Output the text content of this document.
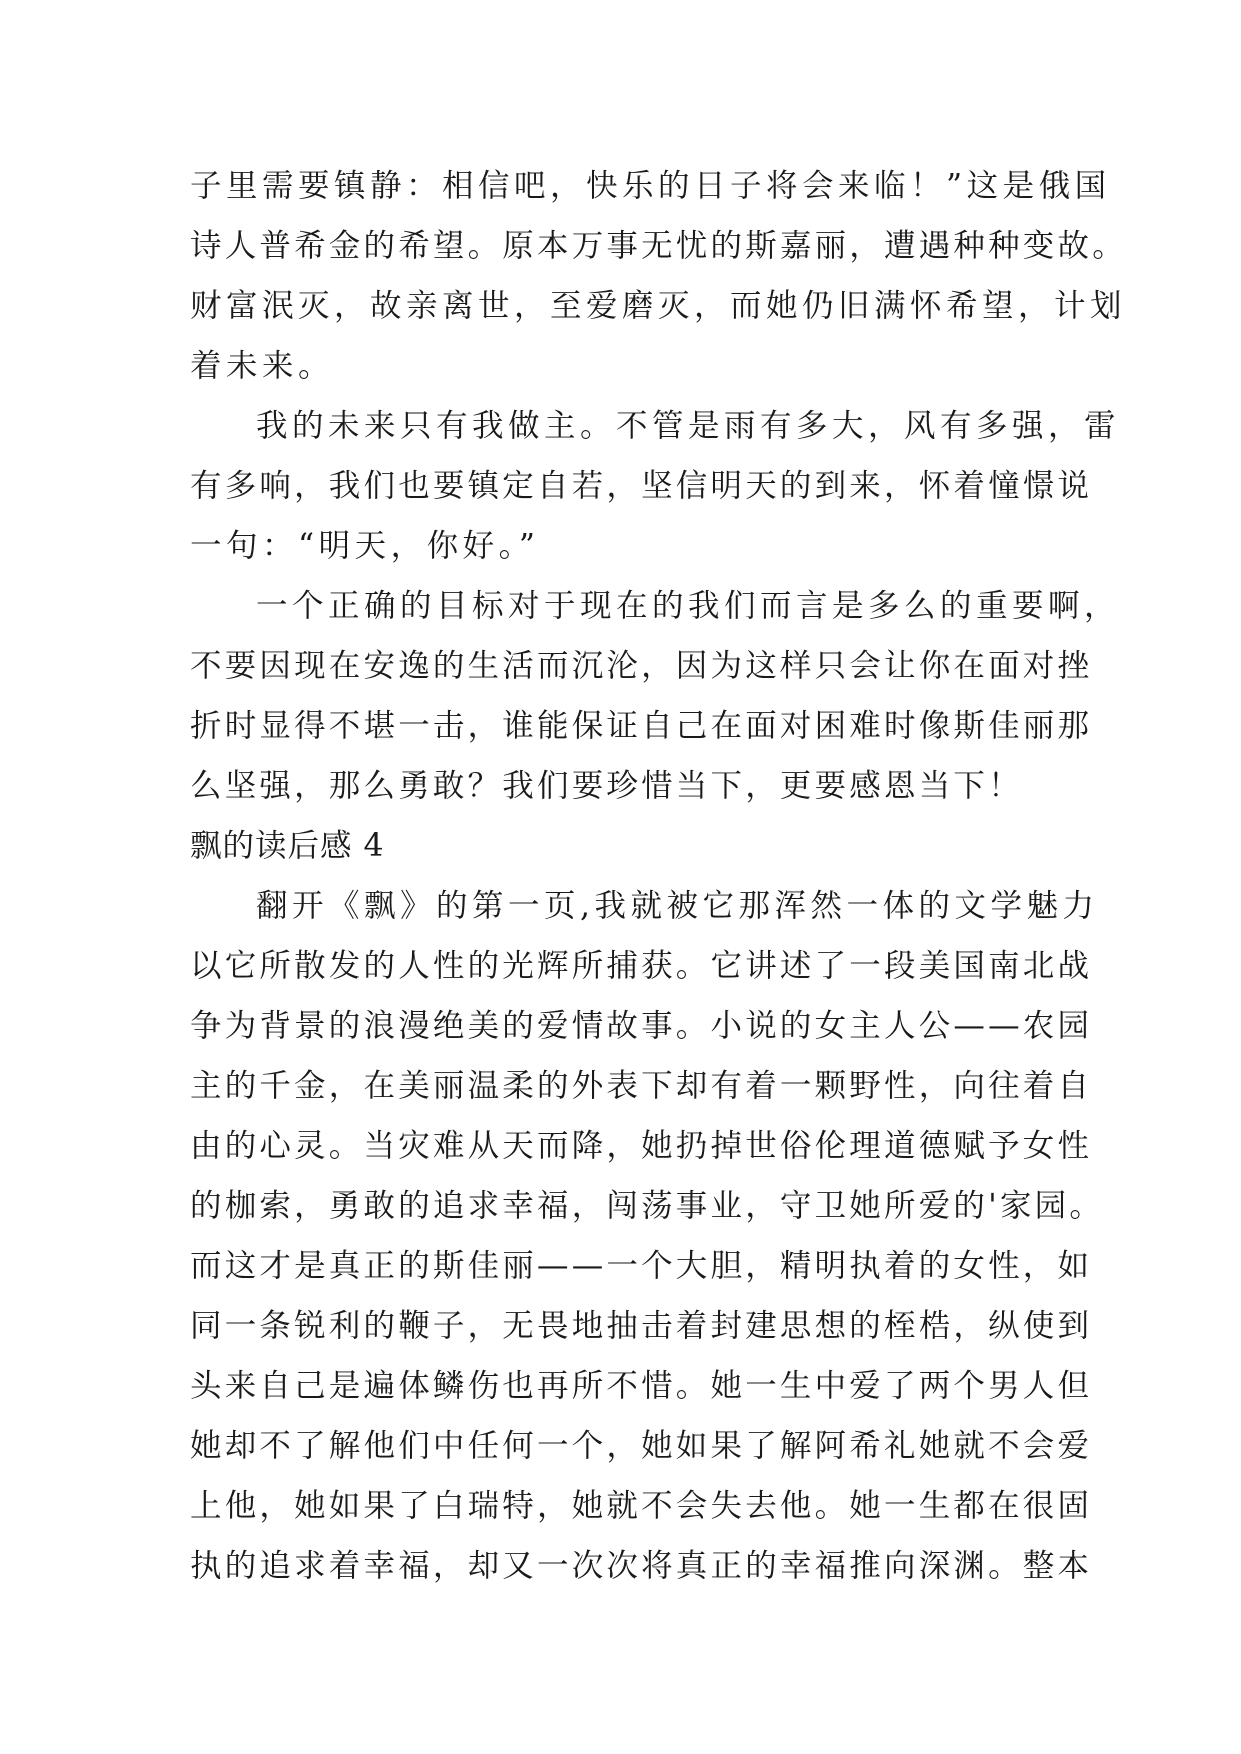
子里需要镇静：相信吧，快乐的日子将会来临！”这是俄国
诗人普希金的希望。原本万事无忧的斯嘉丽，遭遇种种变故。
财富泯灭，故亲离世，至爱磨灭，而她仍旧满怀希望，计划
着未来。
我的未来只有我做主。不管是雨有多大，风有多强，雷
有多响，我们也要镇定自若，坚信明天的到来，怀着憧憬说
一句：“明天，你好。”
一个正确的目标对于现在的我们而言是多么的重要啊，
不要因现在安逸的生活而沉沦，因为这样只会让你在面对挫
折时显得不堪一击，谁能保证自己在面对困难时像斯佳丽那
么坚强，那么勇敢？我们要珍惜当下，更要感恩当下！
飘的读后感 4
翻开《飘》的第一页,我就被它那浑然一体的文学魅力
以它所散发的人性的光辉所捕获。它讲述了一段美国南北战
争为背景的浪漫绝美的爱情故事。小说的女主人公——农园
主的千金，在美丽温柔的外表下却有着一颗野性，向往着自
由的心灵。当灾难从天而降，她扔掉世俗伦理道德赋予女性
的枷索，勇敢的追求幸福，闯荡事业，守卫她所爱的'家园。
而这才是真正的斯佳丽——一个大胆，精明执着的女性，如
同一条锐利的鞭子，无畏地抽击着封建思想的桎梏，纵使到
头来自己是遍体鳞伤也再所不惜。她一生中爱了两个男人但
她却不了解他们中任何一个，她如果了解阿希礼她就不会爱
上他，她如果了白瑞特，她就不会失去他。她一生都在很固
执的追求着幸福，却又一次次将真正的幸福推向深渊。整本
